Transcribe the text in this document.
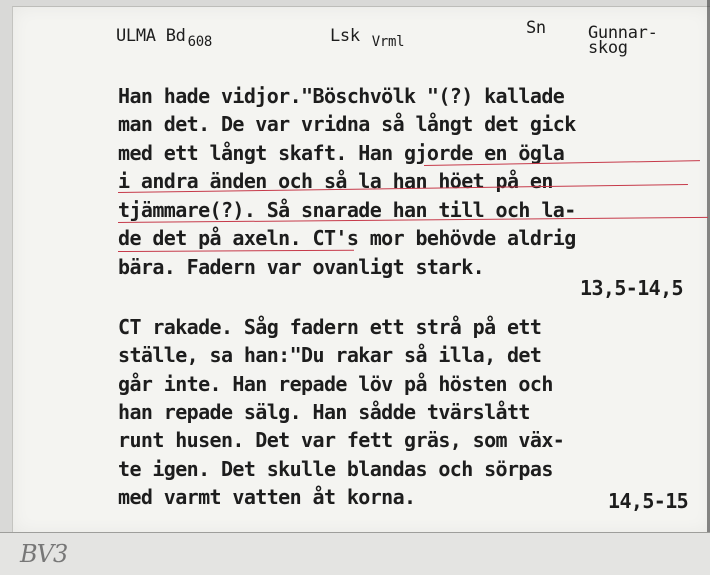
ULMA Bd $_{608}$	Lsk $_{Vrml}$
Sn Gunnar-
skog
Han hade vidjor."Böschvölk "(?) kallade
man det. De var vridna så långt det gick
med ett långt skaft. Han gjorde en ögla
i andra änden och så la han höet på en
tjämmare(?). Så snarade han till och la-
de det på axeln. CT's mor behövde aldrig
bära. Fadern var ovanligt stark.
13,5-14,5
CT rakade. Såg fadern ett strå på ett
ställe, sa han:"Du rakar så illa, det
går inte. Han repade löv på hösten och
han repade sälg. Han sådde tvärslått
runt husen. Det var fett gräs, som väx-
te igen. Det skulle blandas och sörpas
med varmt vatten åt korna.	14,5-15
BV3
